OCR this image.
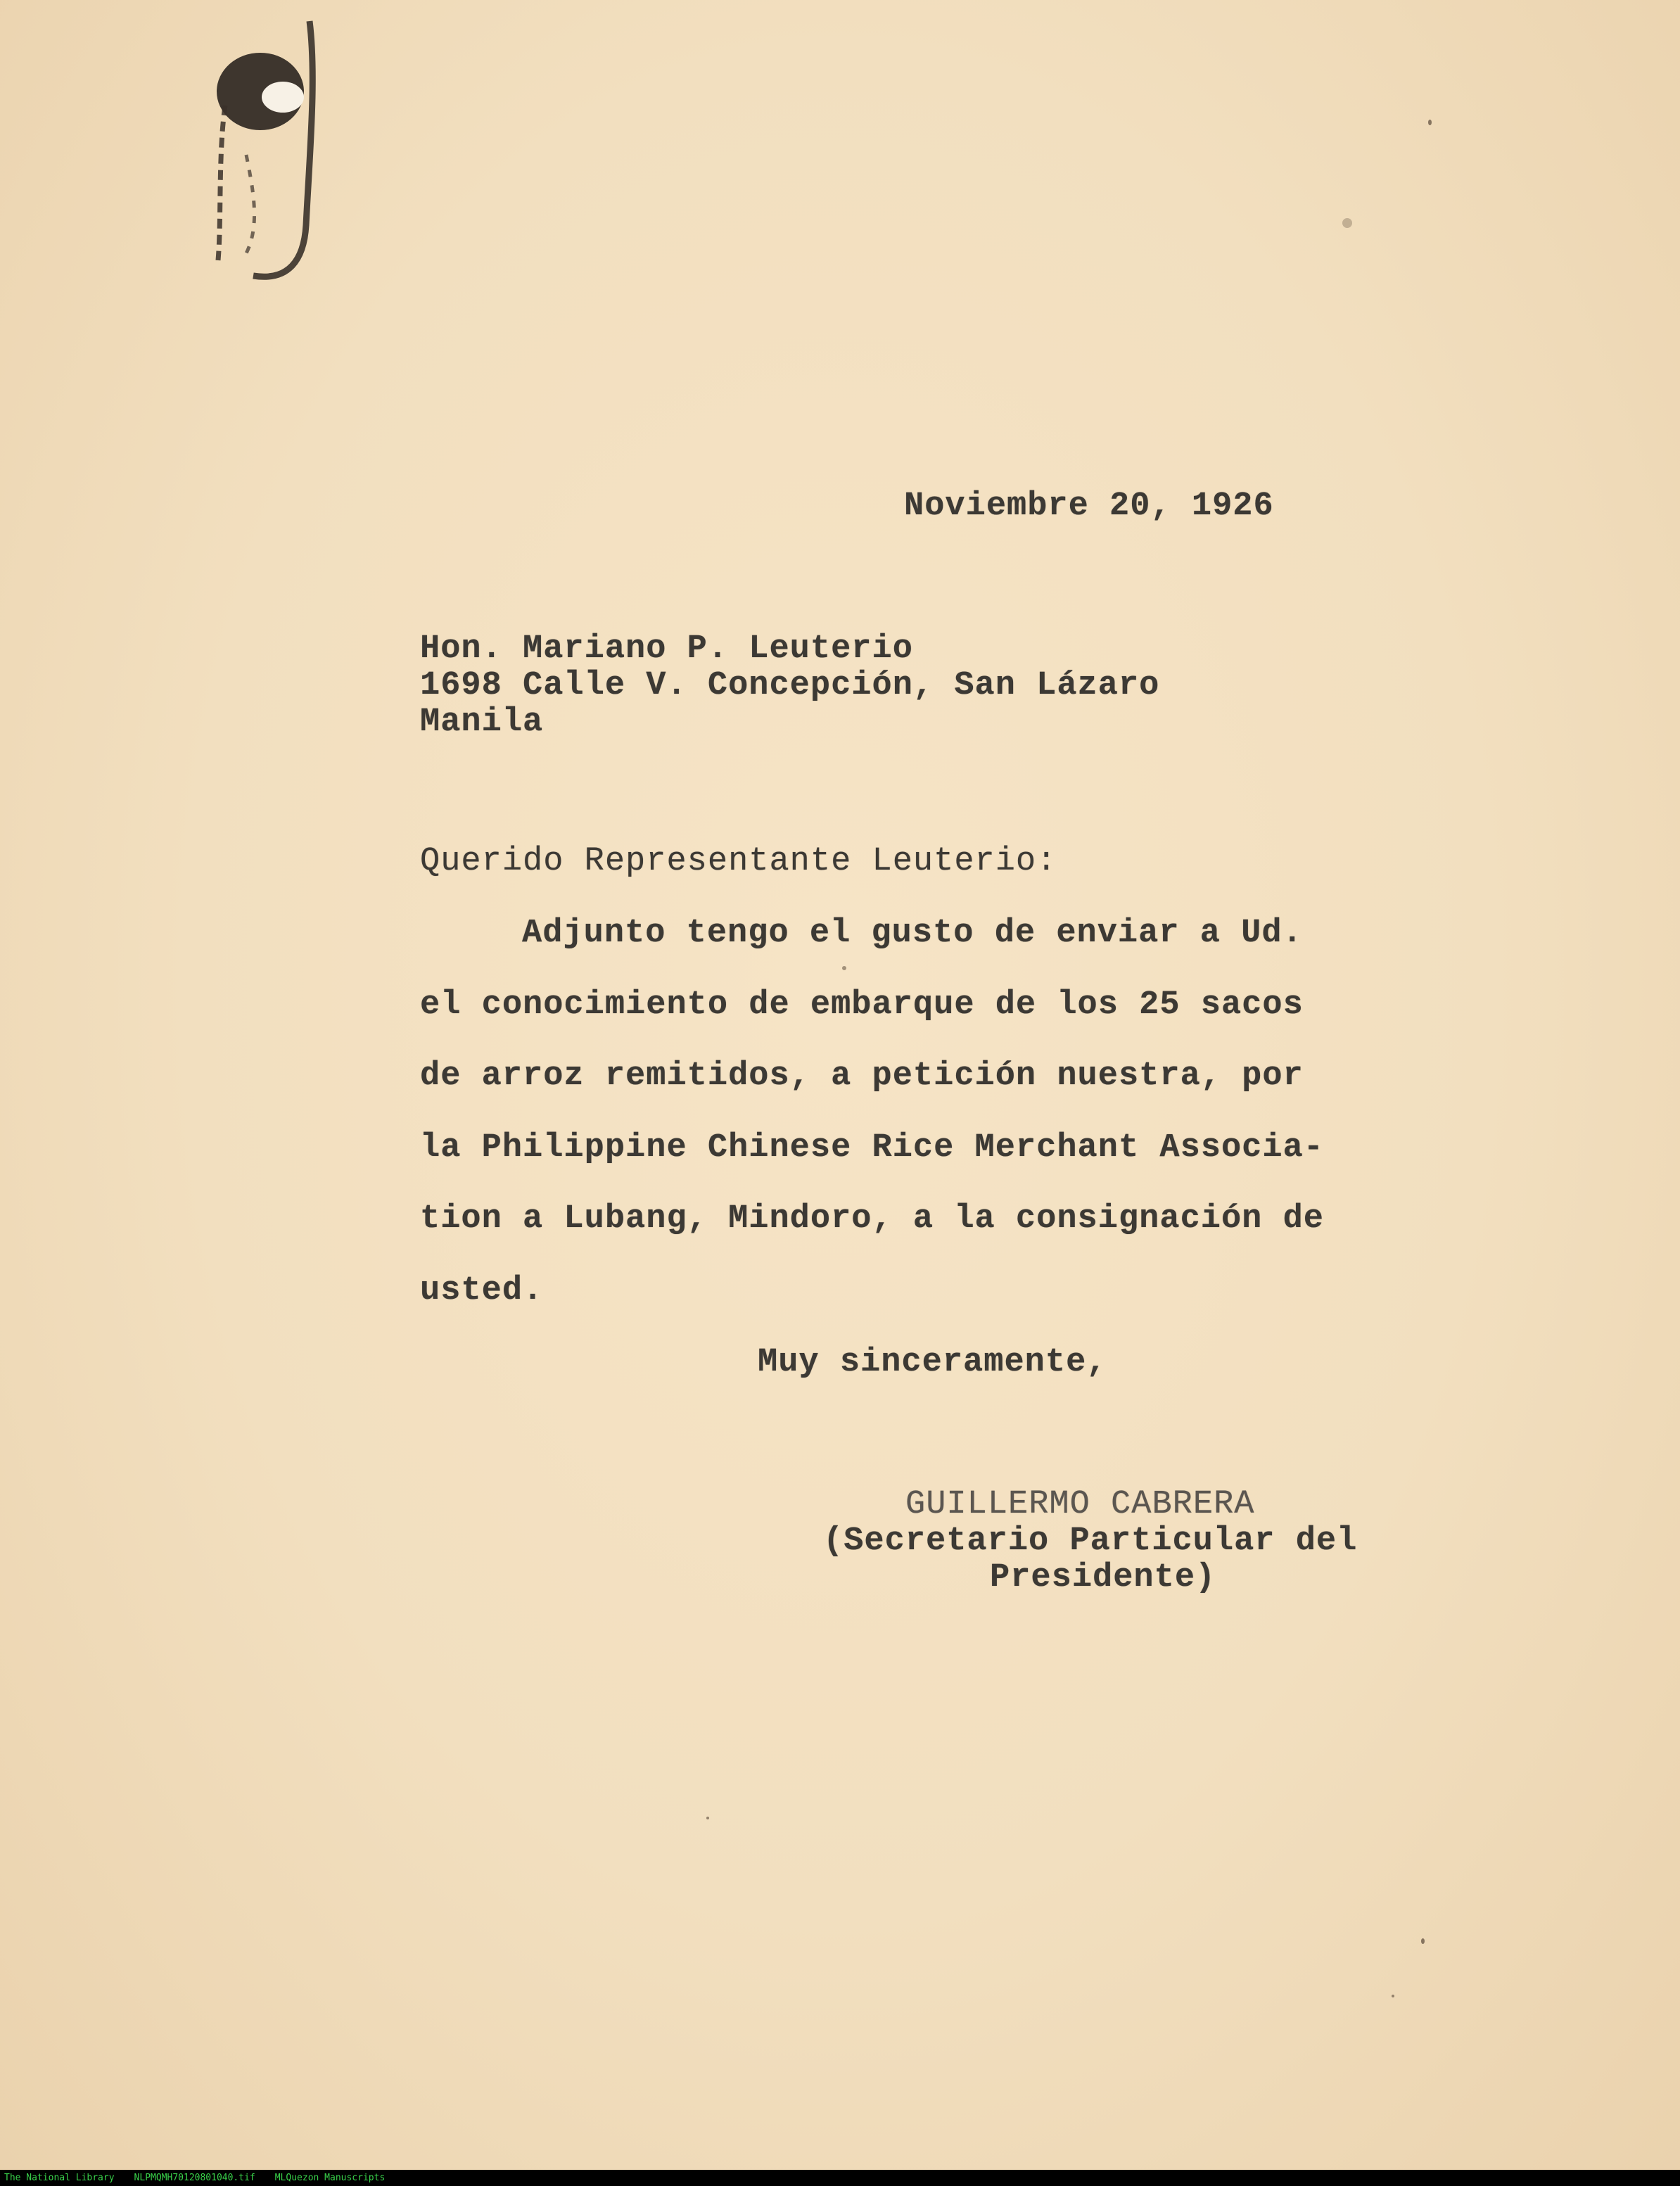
Noviembre 20, 1926

Hon. Mariano P. Leuterio

1698 Calle V. Concepción, San Lázaro

Manila

Querido Representante Leuterio:

Adjunto tengo el gusto de enviar a Ud.

el conocimiento de embarque de los 25 sacos

de arroz remitidos, a petición nuestra, por

la Philippine Chinese Rice Merchant Associa-

tion a Lubang, Mindoro, a la consignación de

usted.

Muy sinceramente,

GUILLERMO CABRERA

(Secretario Particular del

Presidente)

The National Library NLPMQMH70120801040.tif MLQuezon Manuscripts
